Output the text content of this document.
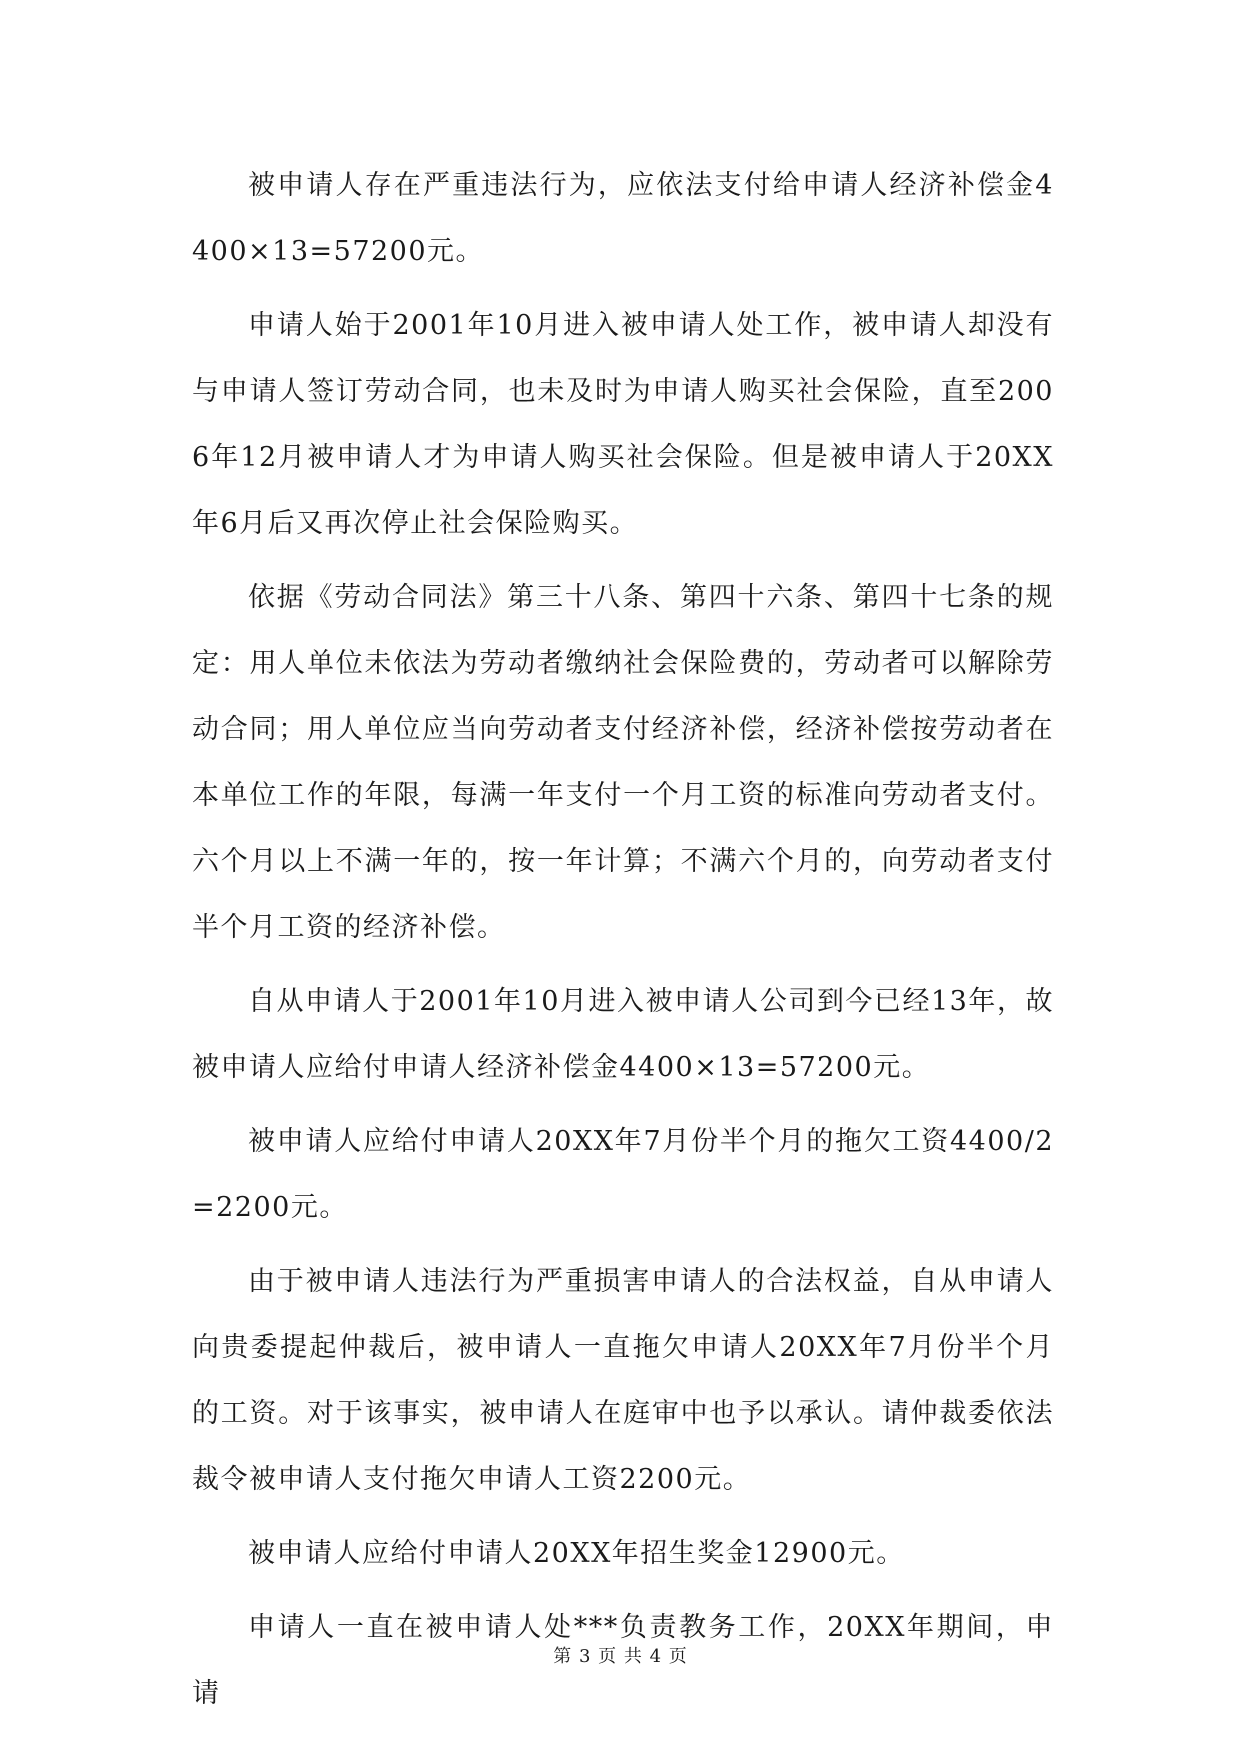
被申请人存在严重违法行为，应依法支付给申请人经济补偿金4400×13=57200元。

申请人始于2001年10月进入被申请人处工作，被申请人却没有与申请人签订劳动合同，也未及时为申请人购买社会保险，直至2006年12月被申请人才为申请人购买社会保险。但是被申请人于20XX年6月后又再次停止社会保险购买。

依据《劳动合同法》第三十八条、第四十六条、第四十七条的规定：用人单位未依法为劳动者缴纳社会保险费的，劳动者可以解除劳动合同；用人单位应当向劳动者支付经济补偿，经济补偿按劳动者在本单位工作的年限，每满一年支付一个月工资的标准向劳动者支付。六个月以上不满一年的，按一年计算；不满六个月的，向劳动者支付半个月工资的经济补偿。

自从申请人于2001年10月进入被申请人公司到今已经13年，故被申请人应给付申请人经济补偿金4400×13=57200元。

被申请人应给付申请人20XX年7月份半个月的拖欠工资4400/2=2200元。

由于被申请人违法行为严重损害申请人的合法权益，自从申请人向贵委提起仲裁后，被申请人一直拖欠申请人20XX年7月份半个月的工资。对于该事实，被申请人在庭审中也予以承认。请仲裁委依法裁令被申请人支付拖欠申请人工资2200元。

被申请人应给付申请人20XX年招生奖金12900元。

申请人一直在被申请人处***负责教务工作，20XX年期间，申请

第 3 页 共 4 页
